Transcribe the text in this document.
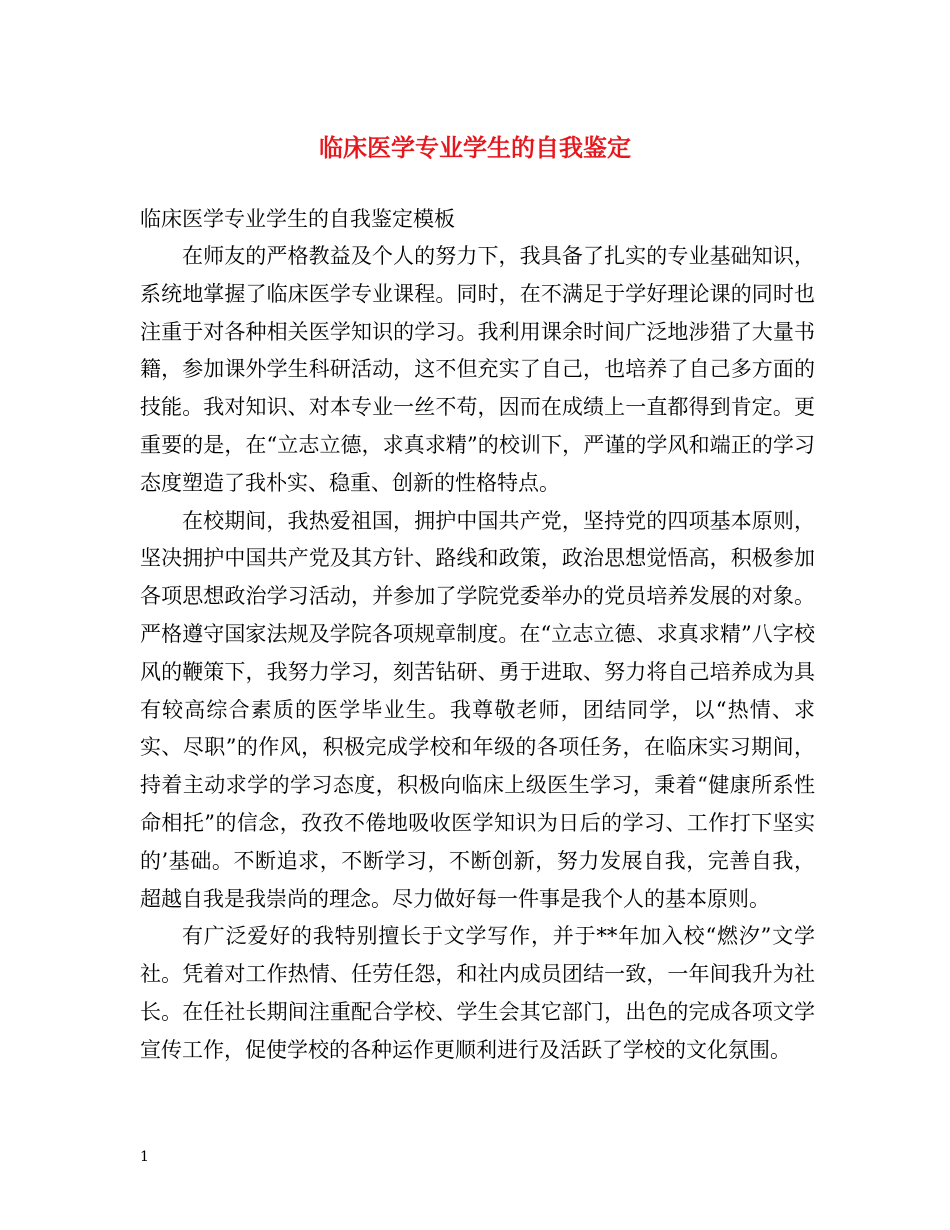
临床医学专业学生的自我鉴定

临床医学专业学生的自我鉴定模板

在师友的严格教益及个人的努力下，我具备了扎实的专业基础知识，系统地掌握了临床医学专业课程。同时，在不满足于学好理论课的同时也注重于对各种相关医学知识的学习。我利用课余时间广泛地涉猎了大量书籍，参加课外学生科研活动，这不但充实了自己，也培养了自己多方面的技能。我对知识、对本专业一丝不苟，因而在成绩上一直都得到肯定。更重要的是，在“立志立德，求真求精”的校训下，严谨的学风和端正的学习态度塑造了我朴实、稳重、创新的性格特点。

在校期间，我热爱祖国，拥护中国共产党，坚持党的四项基本原则，坚决拥护中国共产党及其方针、路线和政策，政治思想觉悟高，积极参加各项思想政治学习活动，并参加了学院党委举办的党员培养发展的对象。严格遵守国家法规及学院各项规章制度。在“立志立德、求真求精”八字校风的鞭策下，我努力学习，刻苦钻研、勇于进取、努力将自己培养成为具有较高综合素质的医学毕业生。我尊敬老师，团结同学，以“热情、求实、尽职”的作风，积极完成学校和年级的各项任务，在临床实习期间，持着主动求学的学习态度，积极向临床上级医生学习，秉着“健康所系性命相托”的信念，孜孜不倦地吸收医学知识为日后的学习、工作打下坚实的’基础。不断追求，不断学习，不断创新，努力发展自我，完善自我，超越自我是我崇尚的理念。尽力做好每一件事是我个人的基本原则。

有广泛爱好的我特别擅长于文学写作，并于**年加入校“燃汐”文学社。凭着对工作热情、任劳任怨，和社内成员团结一致，一年间我升为社长。在任社长期间注重配合学校、学生会其它部门，出色的完成各项文学宣传工作，促使学校的各种运作更顺利进行及活跃了学校的文化氛围。

1
